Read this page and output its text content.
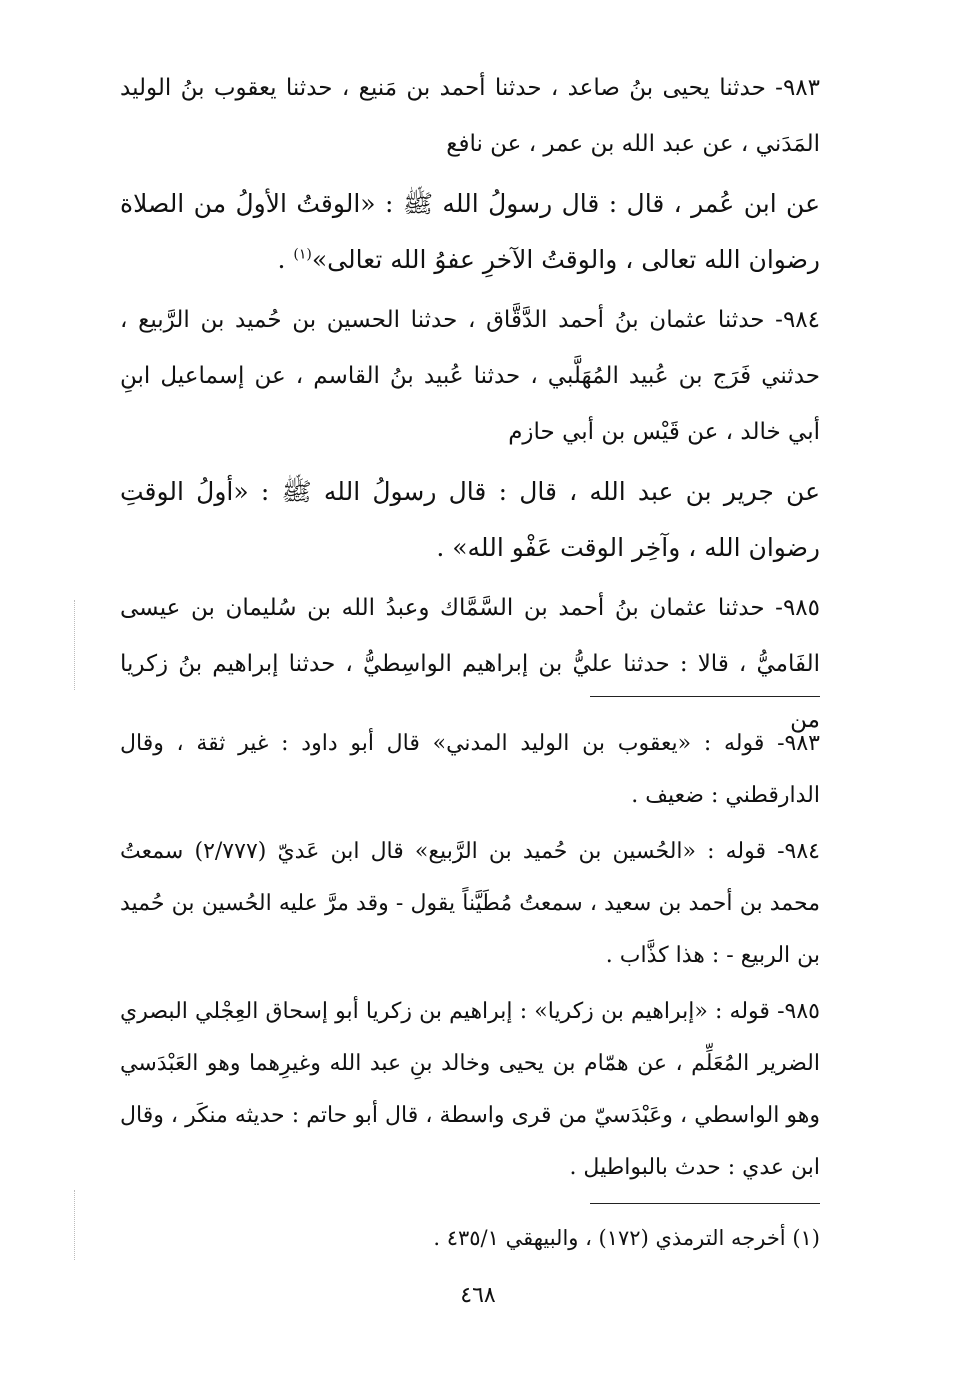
٩٨٣- حدثنا يحيى بنُ صاعد ، حدثنا أحمد بن مَنيع ، حدثنا يعقوب بنُ الوليد المَدَني ، عن عبد الله بن عمر ، عن نافع

عن ابن عُمر ، قال : قال رسولُ الله ﷺ : «الوقتُ الأولُ من الصلاة رضوان الله تعالى ، والوقتُ الآخرِ عفوُ الله تعالى»$^{(١)}$ .

٩٨٤- حدثنا عثمان بنُ أحمد الدَّقَّاق ، حدثنا الحسين بن حُميد بن الرَّبيع ، حدثني فَرَج بن عُبيد المُهَلَّبي ، حدثنا عُبيد بنُ القاسم ، عن إسماعيل ابنِ أبي خالد ، عن قَيْس بن أبي حازم

عن جرير بن عبد الله ، قال : قال رسولُ الله ﷺ : «أولُ الوقتِ رضوان الله ، وآخِر الوقت عَفْو الله» .

٩٨٥- حدثنا عثمان بنُ أحمد بن السَّمَّاك وعبدُ الله بن سُليمان بن عيسى الفَاميُّ ، قالا : حدثنا عليُّ بن إبراهيم الواسِطيُّ ، حدثنا إبراهيم بنُ زكريا من

٩٨٣- قوله : «يعقوب بن الوليد المدني» قال أبو داود : غير ثقة ، وقال الدارقطني : ضعيف .

٩٨٤- قوله : «الحُسين بن حُميد بن الرَّبيع» قال ابن عَديّ (٢/٧٧٧) سمعتُ محمد بن أحمد بن سعيد ، سمعتُ مُطَيَّناً يقول - وقد مرَّ عليه الحُسين بن حُميد بن الربيع - : هذا كذَّاب .

٩٨٥- قوله : «إبراهيم بن زكريا» : إبراهيم بن زكريا أبو إسحاق العِجْلي البصري الضرير المُعَلِّم ، عن همّام بن يحيى وخالد بنِ عبد الله وغيرِهما وهو العَبْدَسي وهو الواسطي ، وعَبْدَسيّ من قرى واسطة ، قال أبو حاتم : حديثه منكَر ، وقال ابن عدي : حدث بالبواطيل .

(١) أخرجه الترمذي (١٧٢) ، والبيهقي ٤٣٥/١ .

٤٦٨
